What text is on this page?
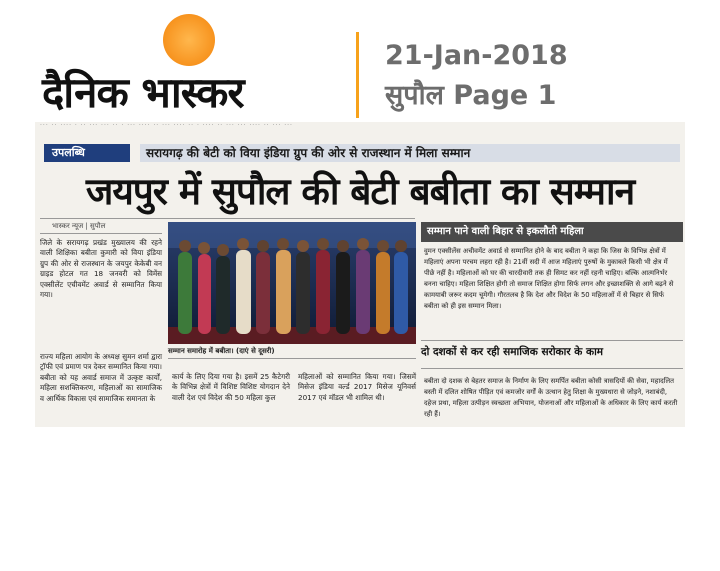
दैनिक भास्कर
21-Jan-2018
सुपौल Page 1
··· ·· ···· · ·· ··· ··· ·· · ··· ···· ·· ··· ···· ·· · ···· ·· ··· ··· ···· ·· ··· ···
उपलब्धि	सरायगढ़ की बेटी को विया इंडिया ग्रुप की ओर से राजस्थान में मिला सम्मान
जयपुर में सुपौल की बेटी बबीता का सम्मान
भास्कर न्यूज | सुपौल
जिले के सरायगढ़ प्रखंड मुख्यालय की रहने वाली शिक्षिका बबीता कुमारी को विया इंडिया ग्रुप की ओर से राजस्थान के जयपुर केकेबी वन ग्राइड होटल गत 18 जनवरी को विमेंस एक्सीलेंट एचीवमेंट अवार्ड से सम्मानित किया गया।
राज्य महिला आयोग के अध्यक्ष सुमन शर्मा द्वारा ट्रॉफी एवं प्रमाण पत्र देकर सम्मानित किया गया। बबीता को यह अवार्ड समाज में उत्कृष्ट कार्यों, महिला सशक्तिकरण, महिलाओं का सामाजिक व आर्थिक विकास एवं सामाजिक समानता के
सम्मान समारोह में बबीता। (दाएं से दूसरी)
कार्य के लिए दिया गया है। इसमें 25 कैटेगरी के विभिन्न क्षेत्रों में विशिष्ट विशिष्ट योगदान देने वाली देश एवं विदेश की 50 महिला कुल
महिलाओं को सम्मानित किया गया। जिसमें मिसेज इंडिया वर्ल्ड 2017 मिसेज यूनिवर्स 2017 एवं मॉडल भी शामिल थी।
सम्मान पाने वाली बिहार से इकलौती महिला
वुमन एक्सीलेंस अचीवमेंट अवार्ड से सम्मानित होने के बाद बबीता ने कहा कि जिस के विभिन्न क्षेत्रों में महिलाएं अपना परचम लहरा रही है। 21वीं सदी में आज महिलाएं पुरुषों के मुकाबले किसी भी क्षेत्र में पीछे नहीं है। महिलाओं को घर की चारदीवारी तक ही सिमट कर नहीं रहनी चाहिए। बल्कि आत्मनिर्भर बनना चाहिए। महिला शिक्षित होगी तो समाज शिक्षित होगा सिर्फ लगन और इच्छाशक्ति से आगे बढ़ने से कामयाबी जरूर कदम चूमेगी। गौरतलब है कि देश और विदेश के 50 महिलाओं में से बिहार से सिर्फ बबीता को ही इस सम्मान मिला।
दो दशकों से कर रही समाजिक सरोकार के काम
बबीता दो दशक से बेहतर समाज के निर्माण के लिए समर्पित बबीता कोसी त्रासदियों की सेवा, महादलित बस्ती में दलित शोषित पीड़ित एवं कमजोर वर्गों के उत्थान हेतु शिक्षा के मुख्यधारा से जोड़ने, नशाबंदी, दहेज प्रथा, महिला उत्पीड़न स्वच्छता अभियान, योजनाओं और महिलाओं के अधिकार के लिए कार्य करती रही हैं।
